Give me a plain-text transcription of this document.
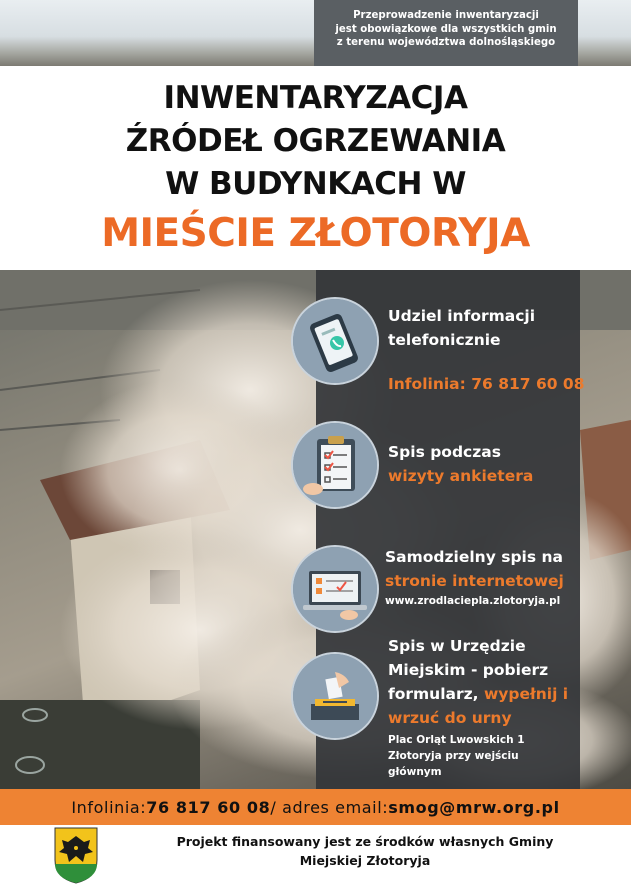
Przeprowadzenie inwentaryzacji
jest obowiązkowe dla wszystkich gmin
z terenu województwa dolnośląskiego
INWENTARYZACJA
ŹRÓDEŁ OGRZEWANIA
W BUDYNKACH W
MIEŚCIE ZŁOTORYJA
Udziel informacji
telefonicznie
Infolinia: 76 817 60 08
Spis podczas
wizyty ankietera
Samodzielny spis na
stronie internetowej
www.zrodlaciepla.zlotoryja.pl
Spis w Urzędzie
Miejskim - pobierz
formularz, wypełnij i
wrzuć do urny
Plac Orląt Lwowskich 1
Złotoryja przy wejściu
głównym
Infolinia: 76 817 60 08 / adres email: smog@mrw.org.pl
Projekt finansowany jest ze środków własnych Gminy
Miejskiej Złotoryja
